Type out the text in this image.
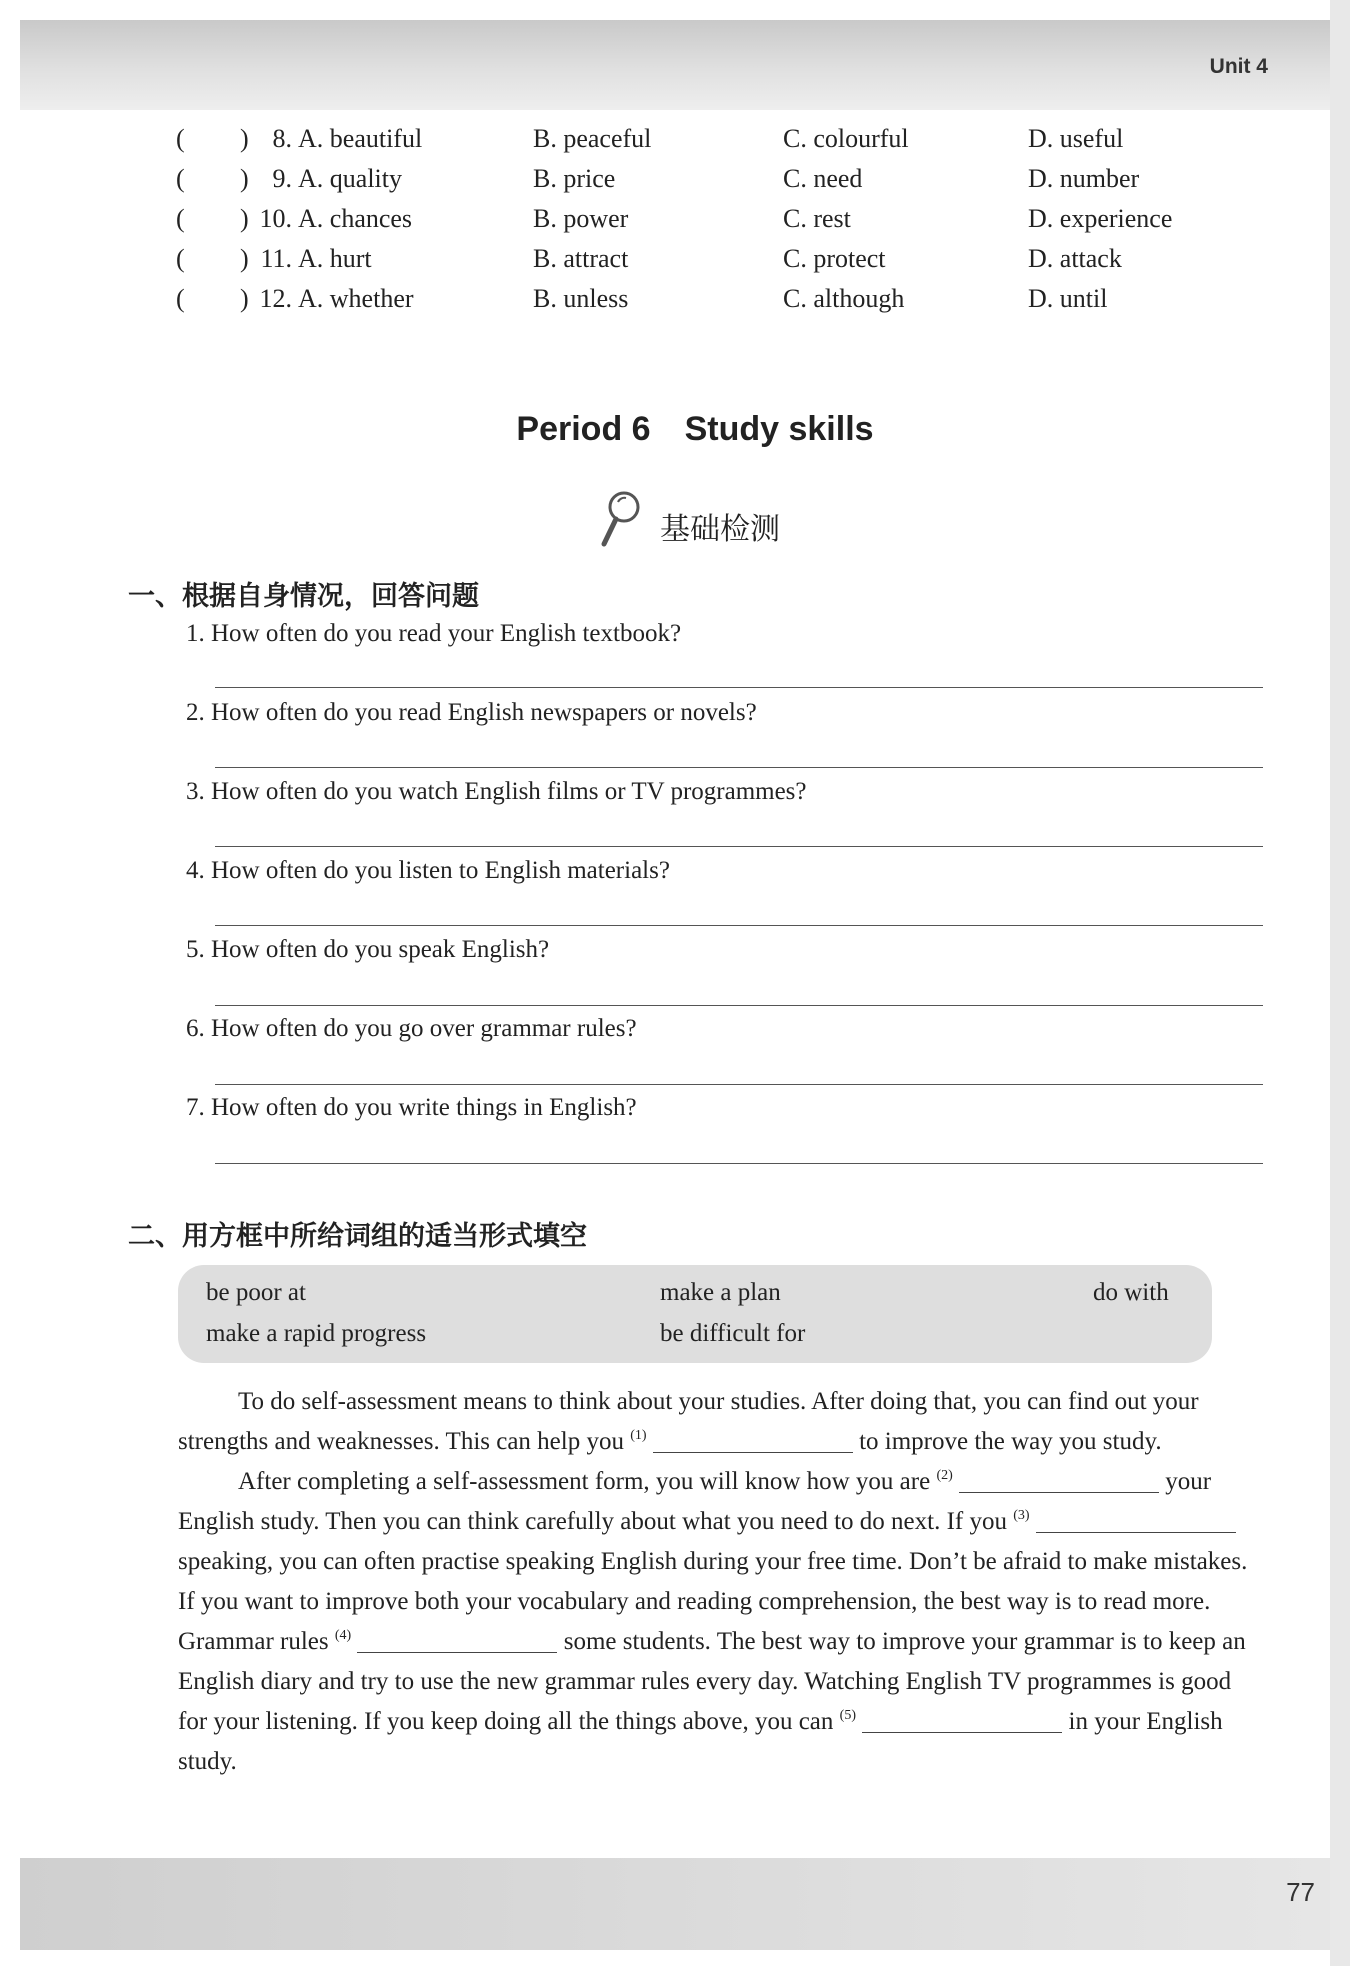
Unit 4
( ) 8. A. beautiful	B. peaceful	C. colourful	D. useful
( ) 9. A. quality	B. price	C. need	D. number
( ) 10. A. chances	B. power	C. rest	D. experience
( ) 11. A. hurt	B. attract	C. protect	D. attack
( ) 12. A. whether	B. unless	C. although	D. until
Period 6 Study skills
基础检测
一、根据自身情况，回答问题
1. How often do you read your English textbook?
2. How often do you read English newspapers or novels?
3. How often do you watch English films or TV programmes?
4. How often do you listen to English materials?
5. How often do you speak English?
6. How often do you go over grammar rules?
7. How often do you write things in English?
二、用方框中所给词组的适当形式填空
be poor at	make a plan	do with
make a rapid progress	be difficult for

To do self-assessment means to think about your studies. After doing that, you can find out your strengths and weaknesses. This can help you $^{(1)}$	to improve the way you study.

After completing a self-assessment form, you will know how you are $^{(2)}$	your English study. Then you can think carefully about what you need to do next. If you $^{(3)}$  speaking, you can often practise speaking English during your free time. Don’t be afraid to make mistakes. If you want to improve both your vocabulary and reading comprehension, the best way is to read more. Grammar rules $^{(4)}$	some students. The best way to improve your grammar is to keep an English diary and try to use the new grammar rules every day. Watching English TV programmes is good for your listening. If you keep doing all the things above, you can $^{(5)}$	in your English study.

77
